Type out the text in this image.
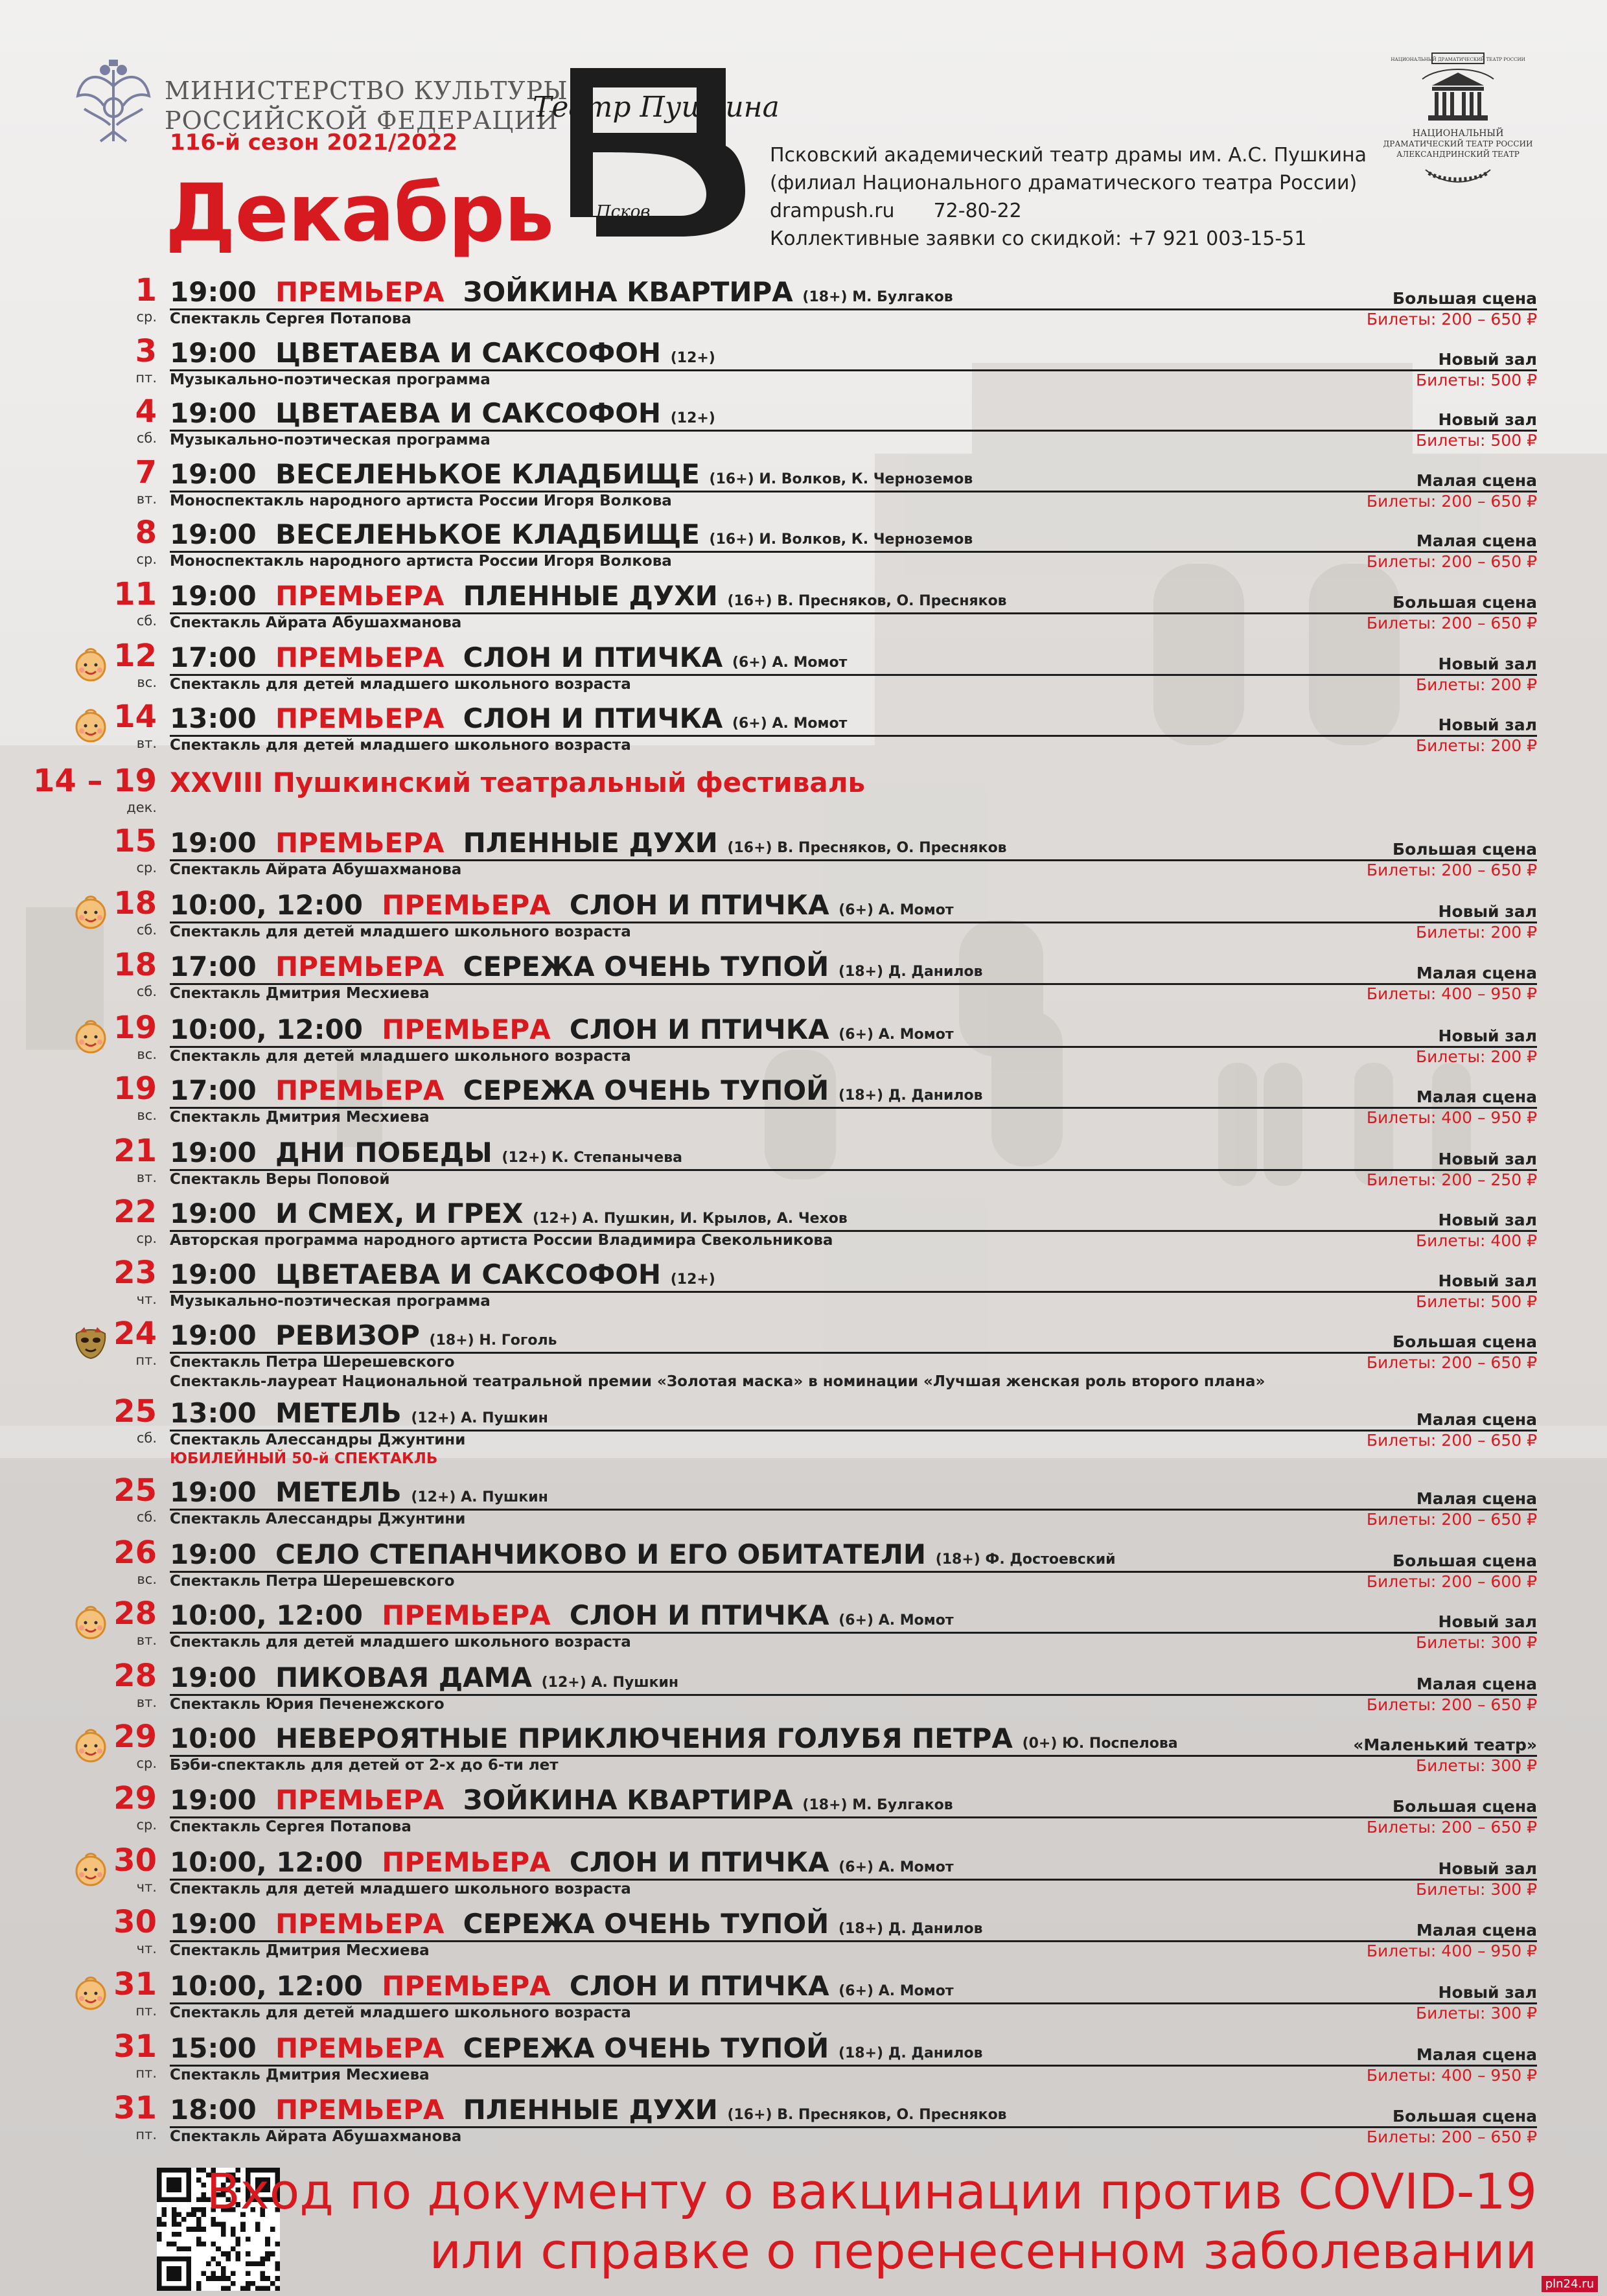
МИНИСТЕРСТВО КУЛЬТУРЫ
РОССИЙСКОЙ ФЕДЕРАЦИИ
116-й сезон 2021/2022
Декабрь
Театр Пушкина
Псков
Псковский академический театр драмы им. А.С. Пушкина
(филиал Национального драматического театра России)
drampush.ru 72-80-22
Коллективные заявки со скидкой: +7 921 003-15-51
НАЦИОНАЛЬНЫЙ ДРАМАТИЧЕСКИЙ ТЕАТР РОССИИ
НАЦИОНАЛЬНЫЙ
ДРАМАТИЧЕСКИЙ ТЕАТР РОССИИ
АЛЕКСАНДРИНСКИЙ ТЕАТР
1
ср.
19:00 ПРЕМЬЕРА ЗОЙКИНА КВАРТИРА (18+) М. Булгаков
Спектакль Сергея Потапова
Большая сцена
Билеты: 200 – 650 ₽
3
пт.
19:00 ЦВЕТАЕВА И САКСОФОН (12+)
Музыкально-поэтическая программа
Новый зал
Билеты: 500 ₽
4
сб.
19:00 ЦВЕТАЕВА И САКСОФОН (12+)
Музыкально-поэтическая программа
Новый зал
Билеты: 500 ₽
7
вт.
19:00 ВЕСЕЛЕНЬКОЕ КЛАДБИЩЕ (16+) И. Волков, К. Черноземов
Моноспектакль народного артиста России Игоря Волкова
Малая сцена
Билеты: 200 – 650 ₽
8
ср.
19:00 ВЕСЕЛЕНЬКОЕ КЛАДБИЩЕ (16+) И. Волков, К. Черноземов
Моноспектакль народного артиста России Игоря Волкова
Малая сцена
Билеты: 200 – 650 ₽
11
сб.
19:00 ПРЕМЬЕРА ПЛЕННЫЕ ДУХИ (16+) В. Пресняков, О. Пресняков
Спектакль Айрата Абушахманова
Большая сцена
Билеты: 200 – 650 ₽
12
вс.
17:00 ПРЕМЬЕРА СЛОН И ПТИЧКА (6+) А. Момот
Спектакль для детей младшего школьного возраста
Новый зал
Билеты: 200 ₽
14
вт.
13:00 ПРЕМЬЕРА СЛОН И ПТИЧКА (6+) А. Момот
Спектакль для детей младшего школьного возраста
Новый зал
Билеты: 200 ₽
15
ср.
19:00 ПРЕМЬЕРА ПЛЕННЫЕ ДУХИ (16+) В. Пресняков, О. Пресняков
Спектакль Айрата Абушахманова
Большая сцена
Билеты: 200 – 650 ₽
18
сб.
10:00, 12:00 ПРЕМЬЕРА СЛОН И ПТИЧКА (6+) А. Момот
Спектакль для детей младшего школьного возраста
Новый зал
Билеты: 200 ₽
18
сб.
17:00 ПРЕМЬЕРА СЕРЕЖА ОЧЕНЬ ТУПОЙ (18+) Д. Данилов
Спектакль Дмитрия Месхиева
Малая сцена
Билеты: 400 – 950 ₽
19
вс.
10:00, 12:00 ПРЕМЬЕРА СЛОН И ПТИЧКА (6+) А. Момот
Спектакль для детей младшего школьного возраста
Новый зал
Билеты: 200 ₽
19
вс.
17:00 ПРЕМЬЕРА СЕРЕЖА ОЧЕНЬ ТУПОЙ (18+) Д. Данилов
Спектакль Дмитрия Месхиева
Малая сцена
Билеты: 400 – 950 ₽
21
вт.
19:00 ДНИ ПОБЕДЫ (12+) К. Степанычева
Спектакль Веры Поповой
Новый зал
Билеты: 200 – 250 ₽
22
ср.
19:00 И СМЕХ, И ГРЕХ (12+) А. Пушкин, И. Крылов, А. Чехов
Авторская программа народного артиста России Владимира Свекольникова
Новый зал
Билеты: 400 ₽
23
чт.
19:00 ЦВЕТАЕВА И САКСОФОН (12+)
Музыкально-поэтическая программа
Новый зал
Билеты: 500 ₽
24
пт.
19:00 РЕВИЗОР (18+) Н. Гоголь
Спектакль Петра Шерешевского
Спектакль-лауреат Национальной театральной премии «Золотая маска» в номинации «Лучшая женская роль второго плана»
Большая сцена
Билеты: 200 – 650 ₽
25
сб.
13:00 МЕТЕЛЬ (12+) А. Пушкин
Спектакль Алессандры Джунтини
Малая сцена
Билеты: 200 – 650 ₽
ЮБИЛЕЙНЫЙ 50-й СПЕКТАКЛЬ
25
сб.
19:00 МЕТЕЛЬ (12+) А. Пушкин
Спектакль Алессандры Джунтини
Малая сцена
Билеты: 200 – 650 ₽
26
вс.
19:00 СЕЛО СТЕПАНЧИКОВО И ЕГО ОБИТАТЕЛИ (18+) Ф. Достоевский
Спектакль Петра Шерешевского
Большая сцена
Билеты: 200 – 600 ₽
28
вт.
10:00, 12:00 ПРЕМЬЕРА СЛОН И ПТИЧКА (6+) А. Момот
Спектакль для детей младшего школьного возраста
Новый зал
Билеты: 300 ₽
28
вт.
19:00 ПИКОВАЯ ДАМА (12+) А. Пушкин
Спектакль Юрия Печенежского
Малая сцена
Билеты: 200 – 650 ₽
29
ср.
10:00 НЕВЕРОЯТНЫЕ ПРИКЛЮЧЕНИЯ ГОЛУБЯ ПЕТРА (0+) Ю. Поспелова
Бэби-спектакль для детей от 2-х до 6-ти лет
«Маленький театр»
Билеты: 300 ₽
29
ср.
19:00 ПРЕМЬЕРА ЗОЙКИНА КВАРТИРА (18+) М. Булгаков
Спектакль Сергея Потапова
Большая сцена
Билеты: 200 – 650 ₽
30
чт.
10:00, 12:00 ПРЕМЬЕРА СЛОН И ПТИЧКА (6+) А. Момот
Спектакль для детей младшего школьного возраста
Новый зал
Билеты: 300 ₽
30
чт.
19:00 ПРЕМЬЕРА СЕРЕЖА ОЧЕНЬ ТУПОЙ (18+) Д. Данилов
Спектакль Дмитрия Месхиева
Малая сцена
Билеты: 400 – 950 ₽
31
пт.
10:00, 12:00 ПРЕМЬЕРА СЛОН И ПТИЧКА (6+) А. Момот
Спектакль для детей младшего школьного возраста
Новый зал
Билеты: 300 ₽
31
пт.
15:00 ПРЕМЬЕРА СЕРЕЖА ОЧЕНЬ ТУПОЙ (18+) Д. Данилов
Спектакль Дмитрия Месхиева
Малая сцена
Билеты: 400 – 950 ₽
31
пт.
18:00 ПРЕМЬЕРА ПЛЕННЫЕ ДУХИ (16+) В. Пресняков, О. Пресняков
Спектакль Айрата Абушахманова
Большая сцена
Билеты: 200 – 650 ₽
14 – 19
дек.
XXVIII Пушкинский театральный фестиваль
Вход по документу о вакцинации против COVID-19
или справке о перенесенном заболевании
pln24.ru
